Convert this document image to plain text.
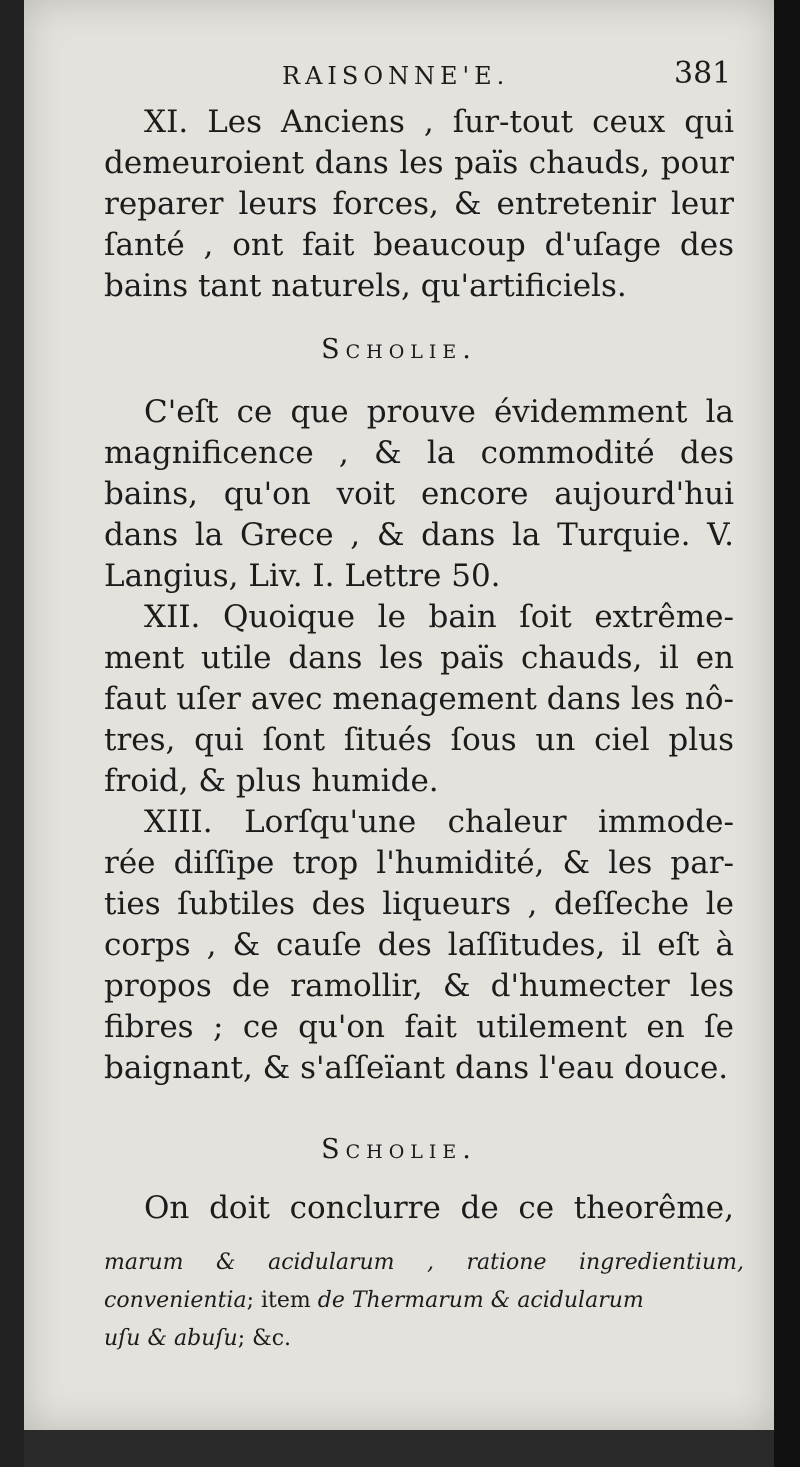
RAISONNE'E.	381
XI. Les Anciens , ſur-tout ceux qui
demeuroient dans les païs chauds, pour
reparer leurs forces, & entretenir leur
ſanté , ont fait beaucoup d'uſage des
bains tant naturels, qu'artificiels.
Scholie.
C'eſt ce que prouve évidemment la
magnificence , & la commodité des
bains, qu'on voit encore aujourd'hui
dans la Grece , & dans la Turquie. V.
Langius, Liv. I. Lettre 50.
XII. Quoique le bain ſoit extrême-
ment utile dans les païs chauds, il en
faut uſer avec menagement dans les nô-
tres, qui ſont ſitués ſous un ciel plus
froid, & plus humide.
XIII. Lorſqu'une chaleur immode-
rée diſſipe trop l'humidité, & les par-
ties ſubtiles des liqueurs , deſſeche le
corps , & cauſe des laſſitudes, il eſt à
propos de ramollir, & d'humecter les
fibres ; ce qu'on fait utilement en ſe
baignant, & s'aſſeïant dans l'eau douce.
Scholie.
On doit conclurre de ce theorême,
marum & acidularum , ratione ingredientium,
convenientia; item de Thermarum & acidularum
uſu & abuſu; &c.
